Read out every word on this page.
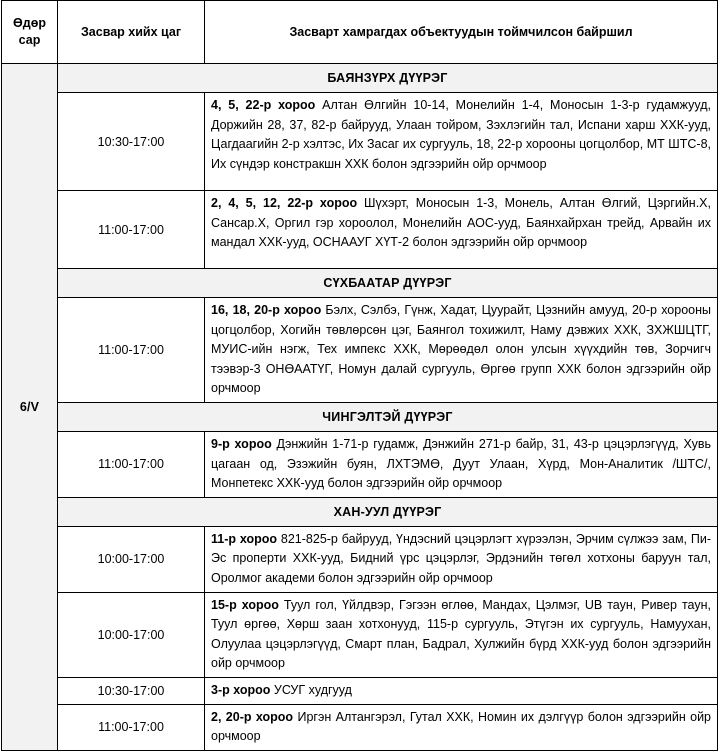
Өдөр
сар	Засвар хийх цаг	Засварт хамрагдах объектуудын тоймчилсон байршил
6/V	БАЯНЗҮРХ ДҮҮРЭГ	
	10:30-17:00	4, 5, 22-р хороо Алтан Өлгийн 10-14, Монелийн 1-4, Моносын 1-3-р гудамжууд, Доржийн 28, 37, 82-р байрууд, Улаан тойром, Зэхлэгийн тал, Испани харш ХХК-ууд, Цагдаагийн 2-р хэлтэс, Их Засаг их сургууль, 18, 22-р хорооны цогцолбор, МТ ШТС-8, Их сүндэр констракшн ХХК болон эдгээрийн ойр орчмоор
	11:00-17:00	2, 4, 5, 12, 22-р хороо Шүхэрт, Моносын 1-3, Монель, Алтан Өлгий, Цэргийн.Х, Сансар.Х, Оргил гэр хороолол, Монелийн АОС-ууд, Баянхайрхан трейд, Арвайн их мандал ХХК-ууд, ОСНААУГ ХҮТ-2 болон эдгээрийн ойр орчмоор
	СҮХБААТАР ДҮҮРЭГ	
	11:00-17:00	16, 18, 20-р хороо Бэлх, Сэлбэ, Гүнж, Хадат, Цуурайт, Цэзнийн амууд, 20-р хорооны цогцолбор, Хогийн төвлөрсөн цэг, Баянгол тохижилт, Наму дэвжих ХХК, ЗХЖШЦТГ, МУИС-ийн нэгж, Тех импекс ХХК, Мөрөөдөл олон улсын хүүхдийн төв, Зорчигч тээвэр-3 ОНӨААТҮГ, Номун далай сургууль, Өргөө групп ХХК болон эдгээрийн ойр орчмоор
	ЧИНГЭЛТЭЙ ДҮҮРЭГ	
	11:00-17:00	9-р хороо Дэнжийн 1-71-р гудамж, Дэнжийн 271-р байр, 31, 43-р цэцэрлэгүүд, Хувь цагаан од, Эзэжийн буян, ЛХТЭМӨ, Дуут Улаан, Хүрд, Мон-Аналитик /ШТС/, Монпетекс ХХК-ууд болон эдгээрийн ойр орчмоор
	ХАН-УУЛ ДҮҮРЭГ	
	10:00-17:00	11-р хороо 821-825-р байрууд, Үндэсний цэцэрлэгт хүрээлэн, Эрчим сүлжээ зам, Пи-Эс проперти ХХК-ууд, Бидний үрс цэцэрлэг, Эрдэнийн төгөл хотхоны баруун тал, Оролмог академи болон эдгээрийн ойр орчмоор
	10:00-17:00	15-р хороо Туул гол, Үйлдвэр, Гэгээн өглөө, Мандах, Цэлмэг, UB таун, Ривер таун, Туул өргөө, Хөрш заан хотхонууд, 115-р сургууль, Этүгэн их сургууль, Намуухан, Олуулаа цэцэрлэгүүд, Смарт план, Бадрал, Хулжийн бүрд ХХК-ууд болон эдгээрийн ойр орчмоор
	10:30-17:00	3-р хороо УСУГ худгууд
	11:00-17:00	2, 20-р хороо Иргэн Алтангэрэл, Гутал ХХК, Номин их дэлгүүр болон эдгээрийн ойр орчмоор
